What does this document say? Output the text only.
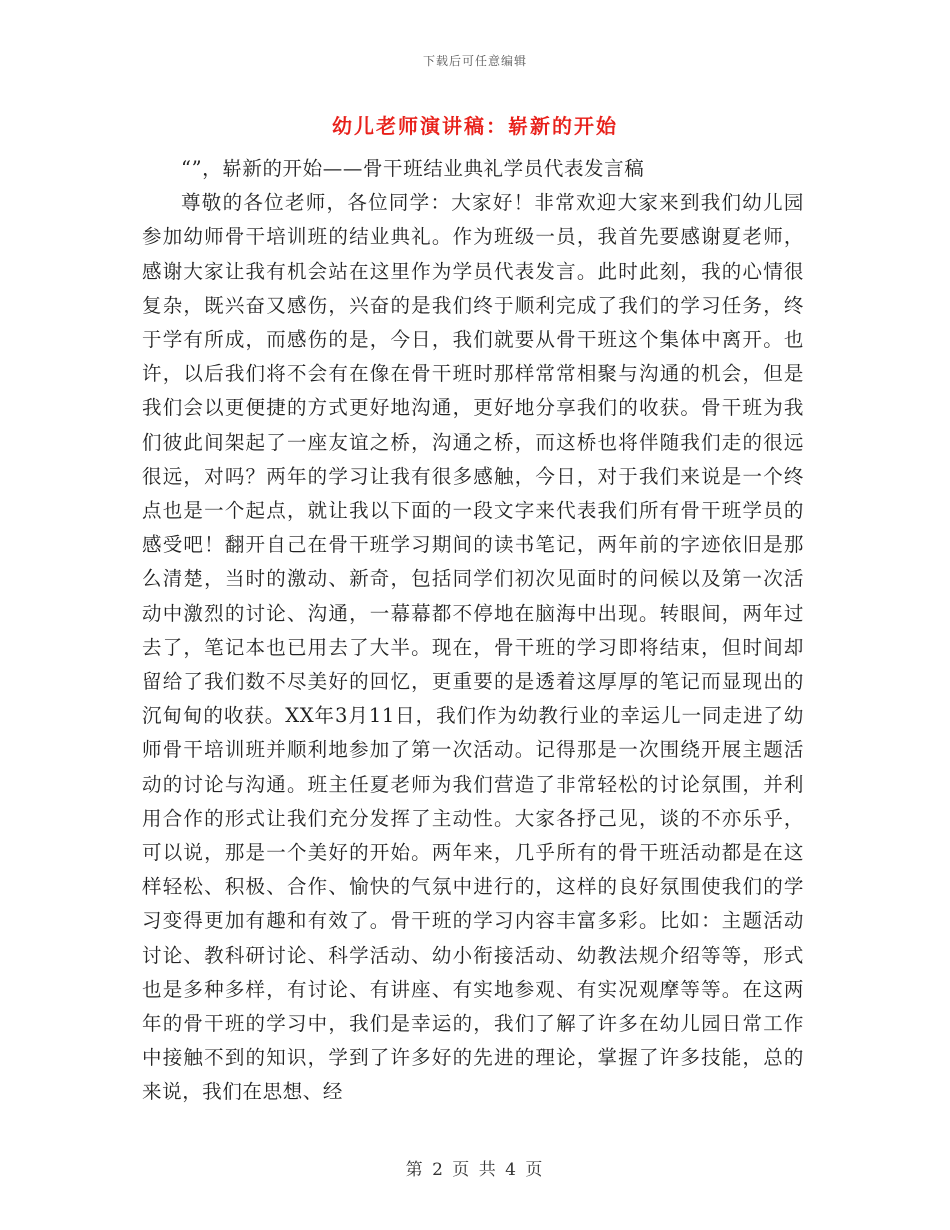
下载后可任意编辑
幼儿老师演讲稿：崭新的开始

“”，崭新的开始——骨干班结业典礼学员代表发言稿

尊敬的各位老师，各位同学：大家好！非常欢迎大家来到我们幼儿园参加幼师骨干培训班的结业典礼。作为班级一员，我首先要感谢夏老师，感谢大家让我有机会站在这里作为学员代表发言。此时此刻，我的心情很复杂，既兴奋又感伤，兴奋的是我们终于顺利完成了我们的学习任务，终于学有所成，而感伤的是，今日，我们就要从骨干班这个集体中离开。也许，以后我们将不会有在像在骨干班时那样常常相聚与沟通的机会，但是我们会以更便捷的方式更好地沟通，更好地分享我们的收获。骨干班为我们彼此间架起了一座友谊之桥，沟通之桥，而这桥也将伴随我们走的很远很远，对吗？两年的学习让我有很多感触，今日，对于我们来说是一个终点也是一个起点，就让我以下面的一段文字来代表我们所有骨干班学员的感受吧！翻开自己在骨干班学习期间的读书笔记，两年前的字迹依旧是那么清楚，当时的激动、新奇，包括同学们初次见面时的问候以及第一次活动中激烈的讨论、沟通，一幕幕都不停地在脑海中出现。转眼间，两年过去了，笔记本也已用去了大半。现在，骨干班的学习即将结束，但时间却留给了我们数不尽美好的回忆，更重要的是透着这厚厚的笔记而显现出的沉甸甸的收获。XX年3月11日，我们作为幼教行业的幸运儿一同走进了幼师骨干培训班并顺利地参加了第一次活动。记得那是一次围绕开展主题活动的讨论与沟通。班主任夏老师为我们营造了非常轻松的讨论氛围，并利用合作的形式让我们充分发挥了主动性。大家各抒己见，谈的不亦乐乎，可以说，那是一个美好的开始。两年来，几乎所有的骨干班活动都是在这样轻松、积极、合作、愉快的气氛中进行的，这样的良好氛围使我们的学习变得更加有趣和有效了。骨干班的学习内容丰富多彩。比如：主题活动讨论、教科研讨论、科学活动、幼小衔接活动、幼教法规介绍等等，形式也是多种多样，有讨论、有讲座、有实地参观、有实况观摩等等。在这两年的骨干班的学习中，我们是幸运的，我们了解了许多在幼儿园日常工作中接触不到的知识，学到了许多好的先进的理论，掌握了许多技能，总的来说，我们在思想、经

第 2 页 共 4 页
